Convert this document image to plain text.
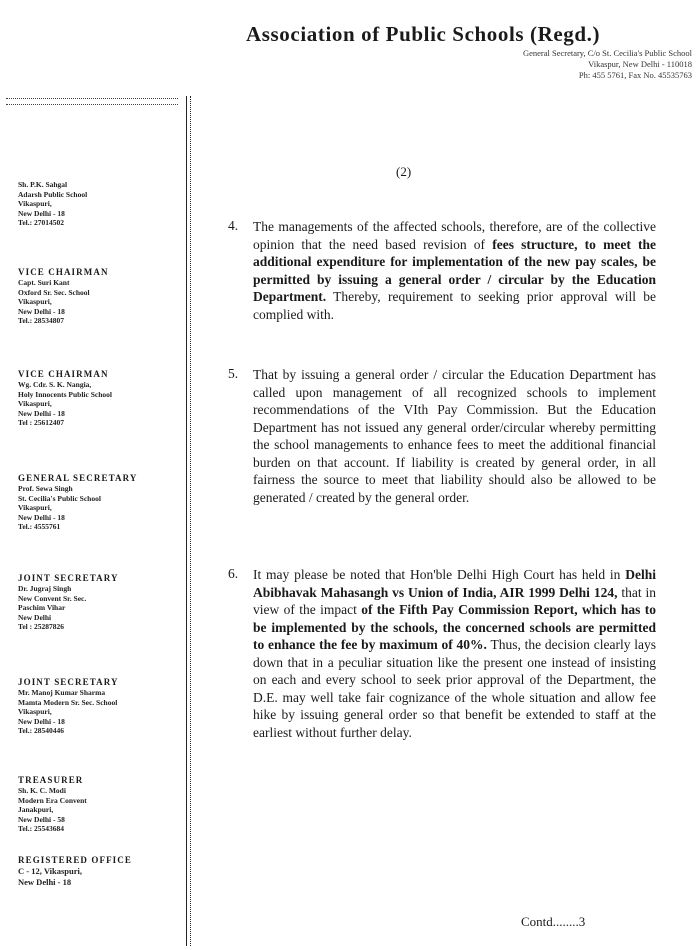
Association of Public Schools (Regd.)
General Secretary, C/o St. Cecilia's Public School
Vikaspur, New Delhi - 110018
Ph: 455 5761, Fax No. 45535763
Sh. P.K. Sahgal
Adarsh Public School
Vikaspuri,
New Delhi - 18
Tel.: 27014502
VICE CHAIRMAN
Capt. Suri Kant
Oxford Sr. Sec. School
Vikaspuri,
New Delhi - 18
Tel.: 28534807
VICE CHAIRMAN
Wg. Cdr. S. K. Nangia,
Holy Innocents Public School
Vikaspuri,
New Delhi - 18
Tel : 25612407
GENERAL SECRETARY
Prof. Sewa Singh
St. Cecilia's Public School
Vikaspuri,
New Delhi - 18
Tel.: 4555761
JOINT SECRETARY
Dr. Jugraj Singh
New Convent Sr. Sec.
Paschim Vihar
New Delhi
Tel : 25287826
JOINT SECRETARY
Mr. Manoj Kumar Sharma
Mamta Modern Sr. Sec. School
Vikaspuri,
New Delhi - 18
Tel.: 28540446
TREASURER
Sh. K. C. Modi
Modern Era Convent
Janakpuri,
New Delhi - 58
Tel.: 25543684
REGISTERED OFFICE
C - 12, Vikaspuri,
New Delhi - 18
(2)
4. The managements of the affected schools, therefore, are of the collective opinion that the need based revision of fees structure, to meet the additional expenditure for implementation of the new pay scales, be permitted by issuing a general order / circular by the Education Department. Thereby, requirement to seeking prior approval will be complied with.
5. That by issuing a general order / circular the Education Department has called upon management of all recognized schools to implement recommendations of the VIth Pay Commission. But the Education Department has not issued any general order/circular whereby permitting the school managements to enhance fees to meet the additional financial burden on that account. If liability is created by general order, in all fairness the source to meet that liability should also be allowed to be generated / created by the general order.
6. It may please be noted that Hon'ble Delhi High Court has held in Delhi Abibhavak Mahasangh vs Union of India, AIR 1999 Delhi 124, that in view of the impact of the Fifth Pay Commission Report, which has to be implemented by the schools, the concerned schools are permitted to enhance the fee by maximum of 40%. Thus, the decision clearly lays down that in a peculiar situation like the present one instead of insisting on each and every school to seek prior approval of the Department, the D.E. may well take fair cognizance of the whole situation and allow fee hike by issuing general order so that benefit be extended to staff at the earliest without further delay.
Contd........3
